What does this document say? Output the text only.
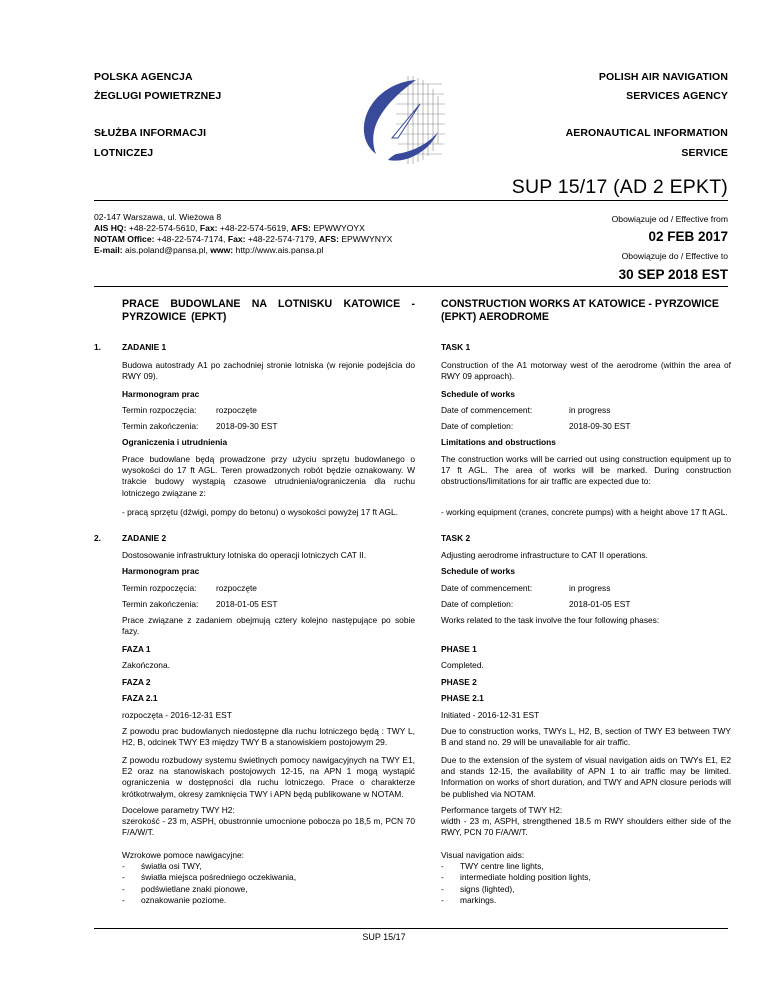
POLSKA AGENCJA
ŻEGLUGI POWIETRZNEJ
POLISH AIR NAVIGATION
SERVICES AGENCY
SŁUŻBA INFORMACJI
LOTNICZEJ
AERONAUTICAL INFORMATION
SERVICE
SUP 15/17 (AD 2 EPKT)
02-147 Warszawa, ul. Wieżowa 8
AIS HQ: +48-22-574-5610, Fax: +48-22-574-5619, AFS: EPWWYOYX
NOTAM Office: +48-22-574-7174, Fax: +48-22-574-7179, AFS: EPWWYNYX
E-mail: ais.poland@pansa.pl, www: http://www.ais.pansa.pl
Obowiązuje od / Effective from
02 FEB 2017
Obowiązuje do / Effective to
30 SEP 2018 EST
PRACE BUDOWLANE NA LOTNISKU KATOWICE - PYRZOWICE (EPKT)
CONSTRUCTION WORKS AT KATOWICE - PYRZOWICE (EPKT) AERODROME
1.	ZADANIE 1	TASK 1
Budowa autostrady A1 po zachodniej stronie lotniska (w rejonie podejścia do RWY 09).
Construction of the A1 motorway west of the aerodrome (within the area of RWY 09 approach).
Harmonogram prac	Schedule of works
Termin rozpoczęcia: rozpoczęte	Date of commencement:	in progress
Termin zakończenia: 2018-09-30 EST	Date of completion:	2018-09-30 EST
Ograniczenia i utrudnienia	Limitations and obstructions
Prace budowlane będą prowadzone przy użyciu sprzętu budowlanego o wysokości do 17 ft AGL. Teren prowadzonych robót będzie oznakowany. W trakcie budowy wystąpią czasowe utrudnienia/ograniczenia dla ruchu lotniczego związane z:
The construction works will be carried out using construction equipment up to 17 ft AGL. The area of works will be marked. During construction obstructions/limitations for air traffic are expected due to:
- pracą sprzętu (dźwigi, pompy do betonu) o wysokości powyżej 17 ft AGL.	- working equipment (cranes, concrete pumps) with a height above 17 ft AGL.
2.	ZADANIE 2	TASK 2
Dostosowanie infrastruktury lotniska do operacji lotniczych CAT II.	Adjusting aerodrome infrastructure to CAT II operations.
Harmonogram prac	Schedule of works
Termin rozpoczęcia: rozpoczęte	Date of commencement:	in progress
Termin zakończenia: 2018-01-05 EST	Date of completion:	2018-01-05 EST
Prace związane z zadaniem obejmują cztery kolejno następujące po sobie fazy.
Works related to the task involve the four following phases:
FAZA 1	PHASE 1
Zakończona.	Completed.
FAZA 2	PHASE 2
FAZA 2.1	PHASE 2.1
rozpoczęta - 2016-12-31 EST	Initiated - 2016-12-31 EST
Z powodu prac budowlanych niedostępne dla ruchu lotniczego będą : TWY L, H2, B, odcinek TWY E3 między TWY B a stanowiskiem postojowym 29.
Due to construction works, TWYs L, H2, B, section of TWY E3 between TWY B and stand no. 29 will be unavailable for air traffic.
Z powodu rozbudowy systemu świetlnych pomocy nawigacyjnych na TWY E1, E2 oraz na stanowiskach postojowych 12-15, na APN 1 mogą wystąpić ograniczenia w dostępności dla ruchu lotniczego. Prace o charakterze krótkotrwałym, okresy zamknięcia TWY i APN będą publikowane w NOTAM.
Due to the extension of the system of visual navigation aids on TWYs E1, E2 and stands 12-15, the availability of APN 1 to air traffic may be limited. Information on works of short duration, and TWY and APN closure periods will be published via NOTAM.
Docelowe parametry TWY H2:
szerokość - 23 m, ASPH, obustronnie umocnione pobocza po 18,5 m, PCN 70 F/A/W/T.
Performance targets of TWY H2:
width - 23 m, ASPH, strengthened 18.5 m RWY shoulders either side of the RWY, PCN 70 F/A/W/T.
Wzrokowe pomoce nawigacyjne:
- światła osi TWY,
- światła miejsca pośredniego oczekiwania,
- podświetlane znaki pionowe,
- oznakowanie poziome.
Visual navigation aids:
- TWY centre line lights,
- intermediate holding position lights,
- signs (lighted),
- markings.
SUP 15/17
